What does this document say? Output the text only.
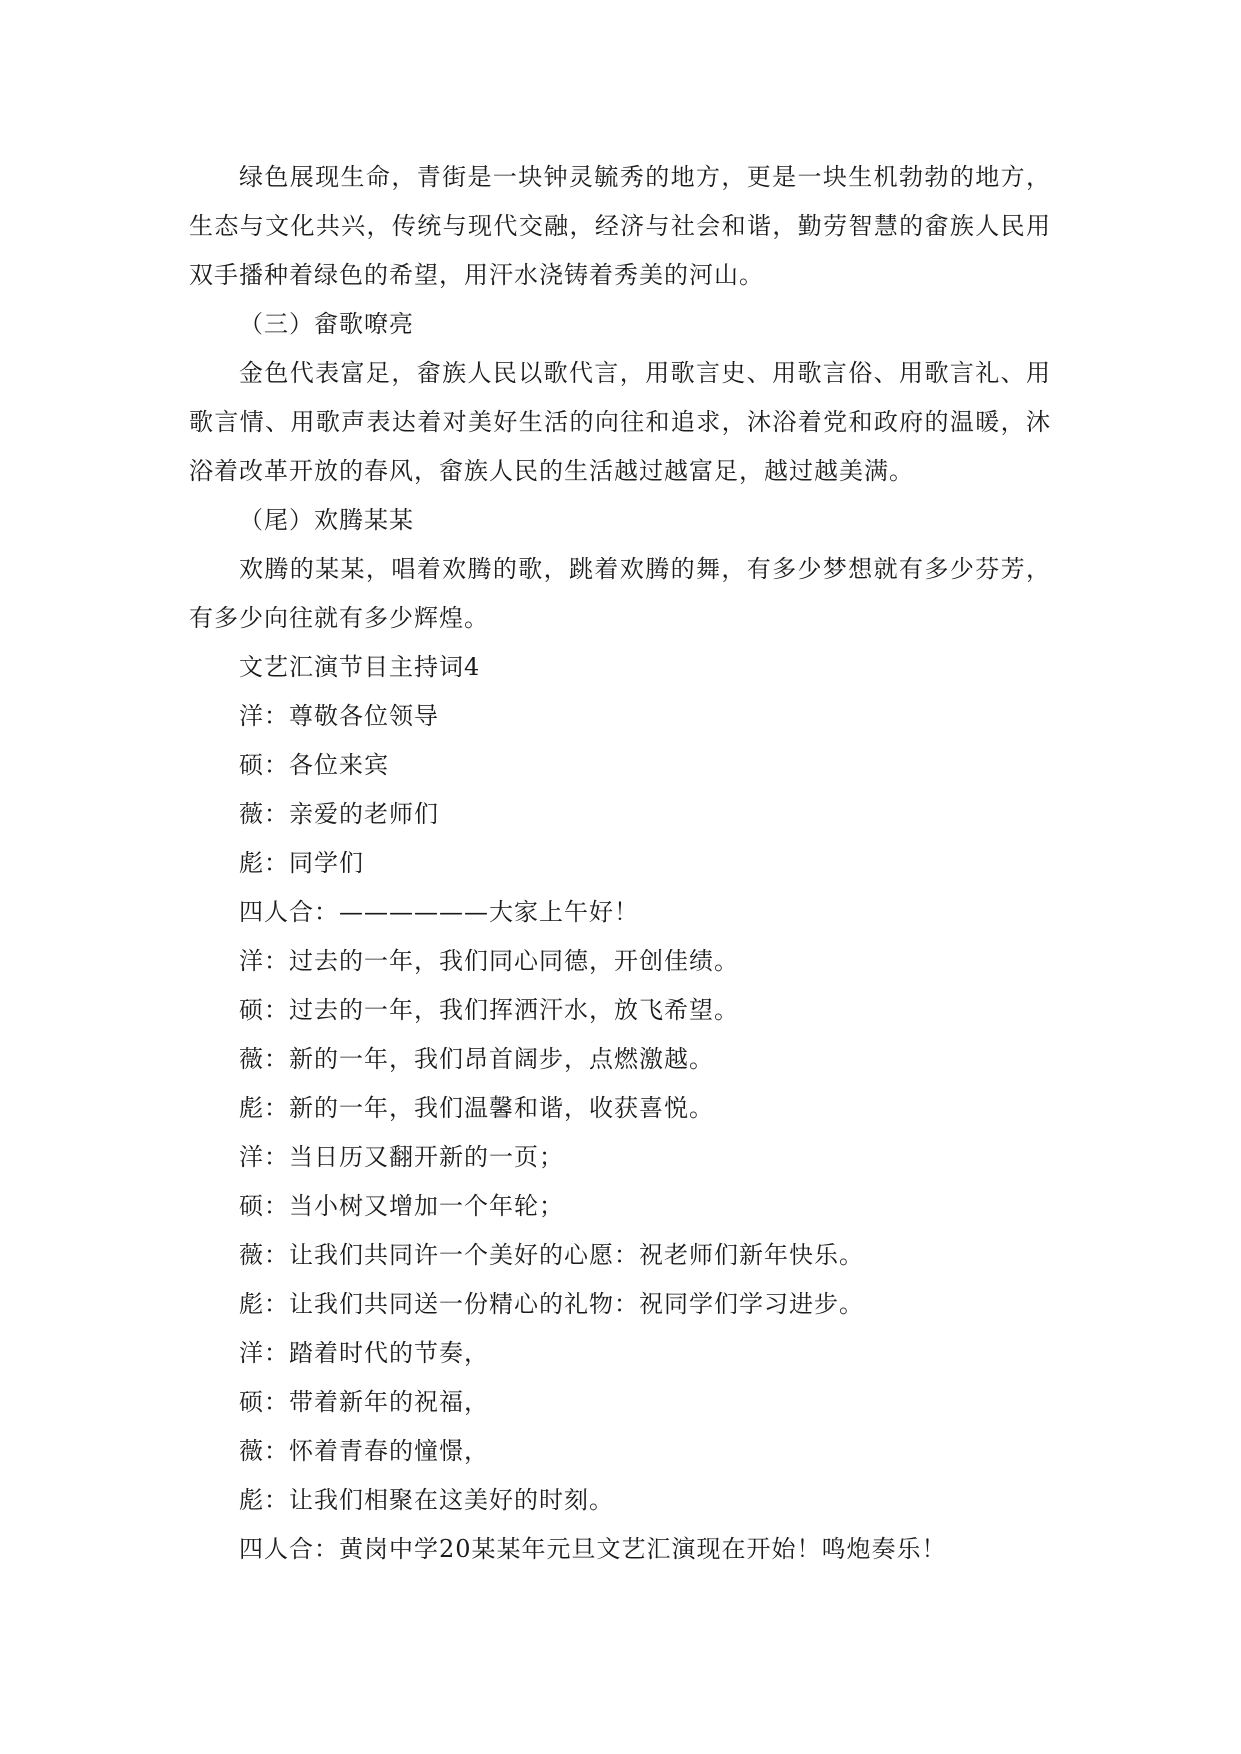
绿色展现生命，青街是一块钟灵毓秀的地方，更是一块生机勃勃的地方，生态与文化共兴，传统与现代交融，经济与社会和谐，勤劳智慧的畲族人民用双手播种着绿色的希望，用汗水浇铸着秀美的河山。

（三）畲歌嘹亮

金色代表富足，畲族人民以歌代言，用歌言史、用歌言俗、用歌言礼、用歌言情、用歌声表达着对美好生活的向往和追求，沐浴着党和政府的温暖，沐浴着改革开放的春风，畲族人民的生活越过越富足，越过越美满。

（尾）欢腾某某

欢腾的某某，唱着欢腾的歌，跳着欢腾的舞，有多少梦想就有多少芬芳，有多少向往就有多少辉煌。

文艺汇演节目主持词4

洋：尊敬各位领导

硕：各位来宾

薇：亲爱的老师们

彪：同学们

四人合：——————大家上午好！

洋：过去的一年，我们同心同德，开创佳绩。

硕：过去的一年，我们挥洒汗水，放飞希望。

薇：新的一年，我们昂首阔步，点燃激越。

彪：新的一年，我们温馨和谐，收获喜悦。

洋：当日历又翻开新的一页；

硕：当小树又增加一个年轮；

薇：让我们共同许一个美好的心愿：祝老师们新年快乐。

彪：让我们共同送一份精心的礼物：祝同学们学习进步。

洋：踏着时代的节奏，

硕：带着新年的祝福，

薇：怀着青春的憧憬，

彪：让我们相聚在这美好的时刻。

四人合：黄岗中学20某某年元旦文艺汇演现在开始！鸣炮奏乐！
